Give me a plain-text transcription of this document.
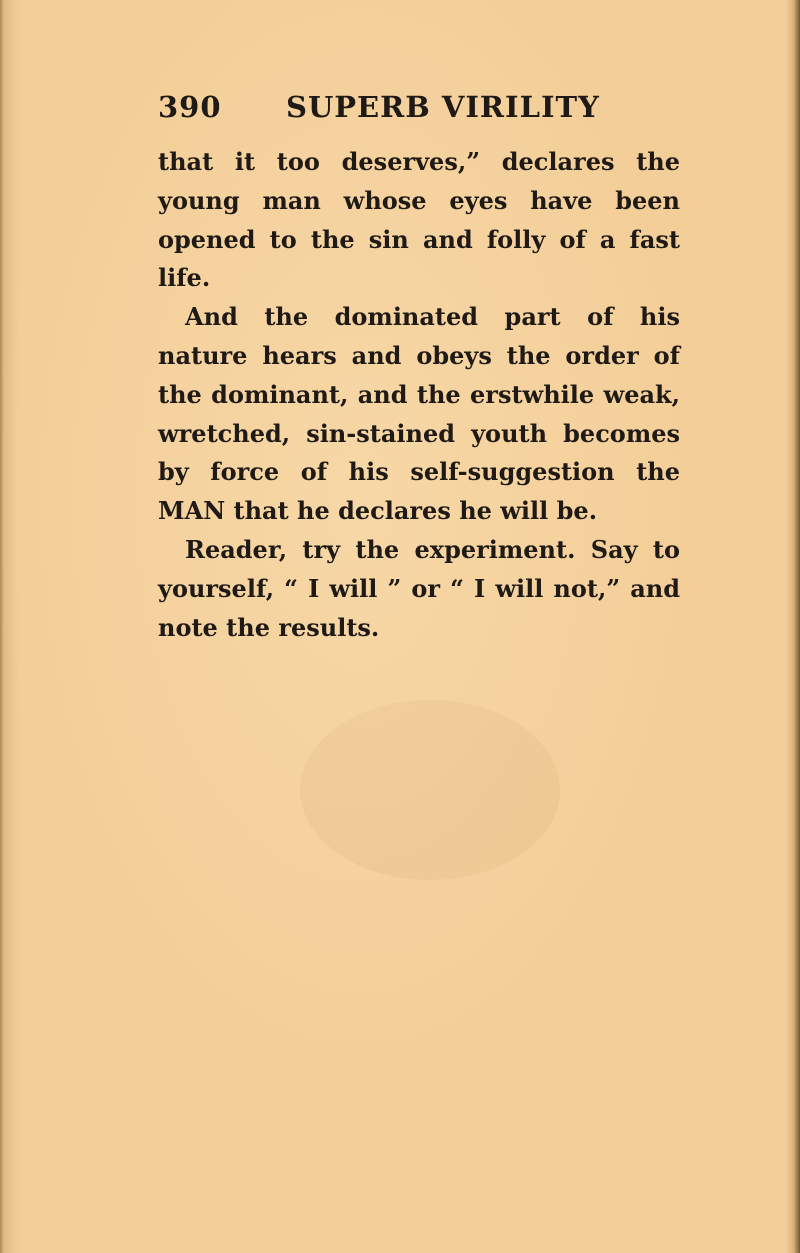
390 SUPERB VIRILITY

that it too deserves,” declares the young man whose eyes have been opened to the sin and folly of a fast life.

And the dominated part of his nature hears and obeys the order of the dominant, and the erstwhile weak, wretched, sin-stained youth becomes by force of his self-suggestion the MAN that he declares he will be.

Reader, try the experiment. Say to yourself, “ I will ” or “ I will not,” and note the results.
